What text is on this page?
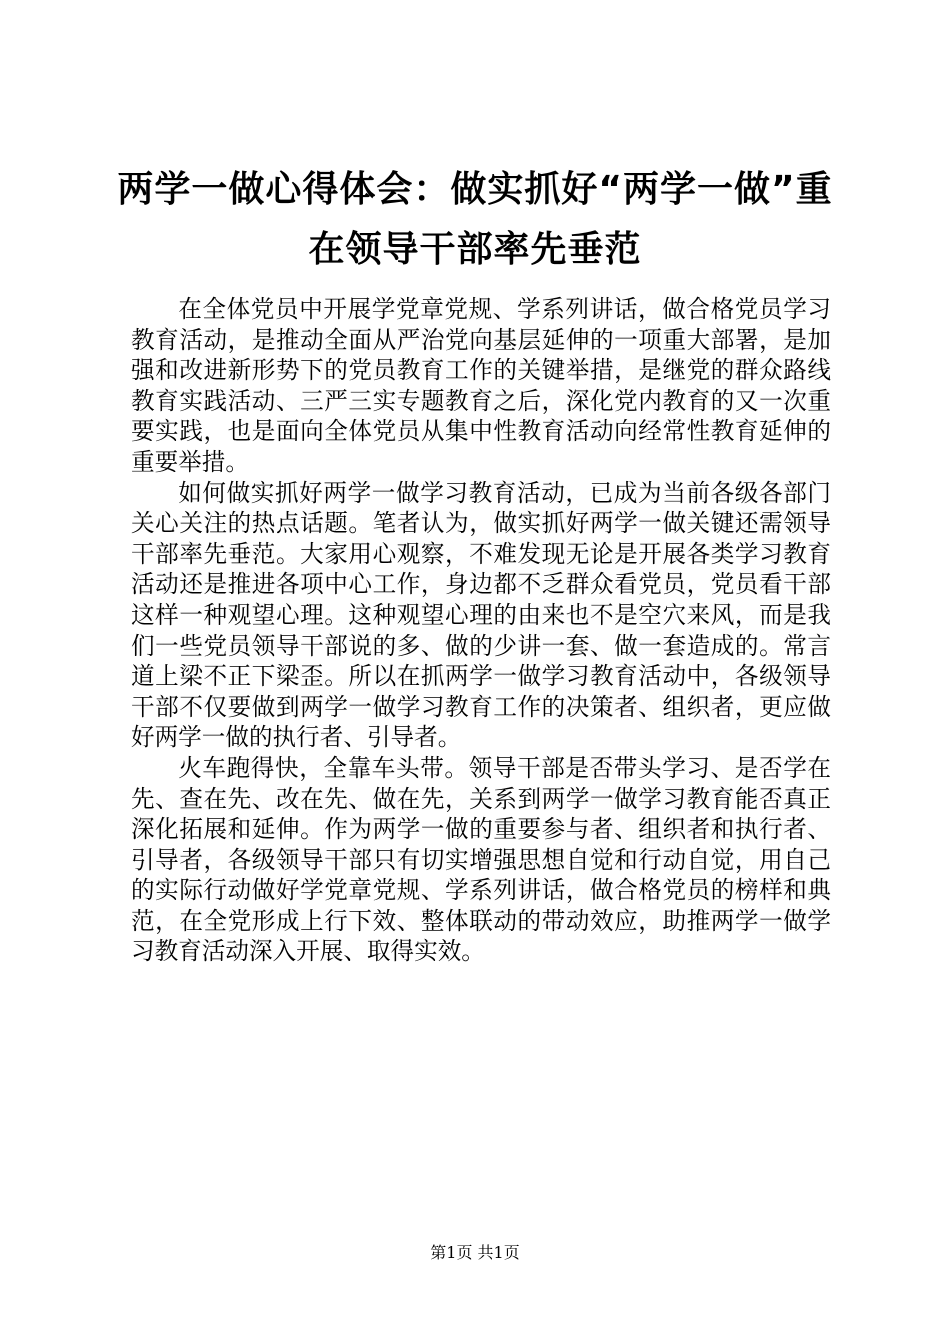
两学一做心得体会：做实抓好“两学一做”重
在领导干部率先垂范

在全体党员中开展学党章党规、学系列讲话，做合格党员学习教育活动，是推动全面从严治党向基层延伸的一项重大部署，是加强和改进新形势下的党员教育工作的关键举措，是继党的群众路线教育实践活动、三严三实专题教育之后，深化党内教育的又一次重要实践，也是面向全体党员从集中性教育活动向经常性教育延伸的重要举措。

如何做实抓好两学一做学习教育活动，已成为当前各级各部门关心关注的热点话题。笔者认为，做实抓好两学一做关键还需领导干部率先垂范。大家用心观察，不难发现无论是开展各类学习教育活动还是推进各项中心工作，身边都不乏群众看党员，党员看干部这样一种观望心理。这种观望心理的由来也不是空穴来风，而是我们一些党员领导干部说的多、做的少讲一套、做一套造成的。常言道上梁不正下梁歪。所以在抓两学一做学习教育活动中，各级领导干部不仅要做到两学一做学习教育工作的决策者、组织者，更应做好两学一做的执行者、引导者。

火车跑得快，全靠车头带。领导干部是否带头学习、是否学在先、查在先、改在先、做在先，关系到两学一做学习教育能否真正深化拓展和延伸。作为两学一做的重要参与者、组织者和执行者、引导者，各级领导干部只有切实增强思想自觉和行动自觉，用自己的实际行动做好学党章党规、学系列讲话，做合格党员的榜样和典范，在全党形成上行下效、整体联动的带动效应，助推两学一做学习教育活动深入开展、取得实效。

第1页 共1页
